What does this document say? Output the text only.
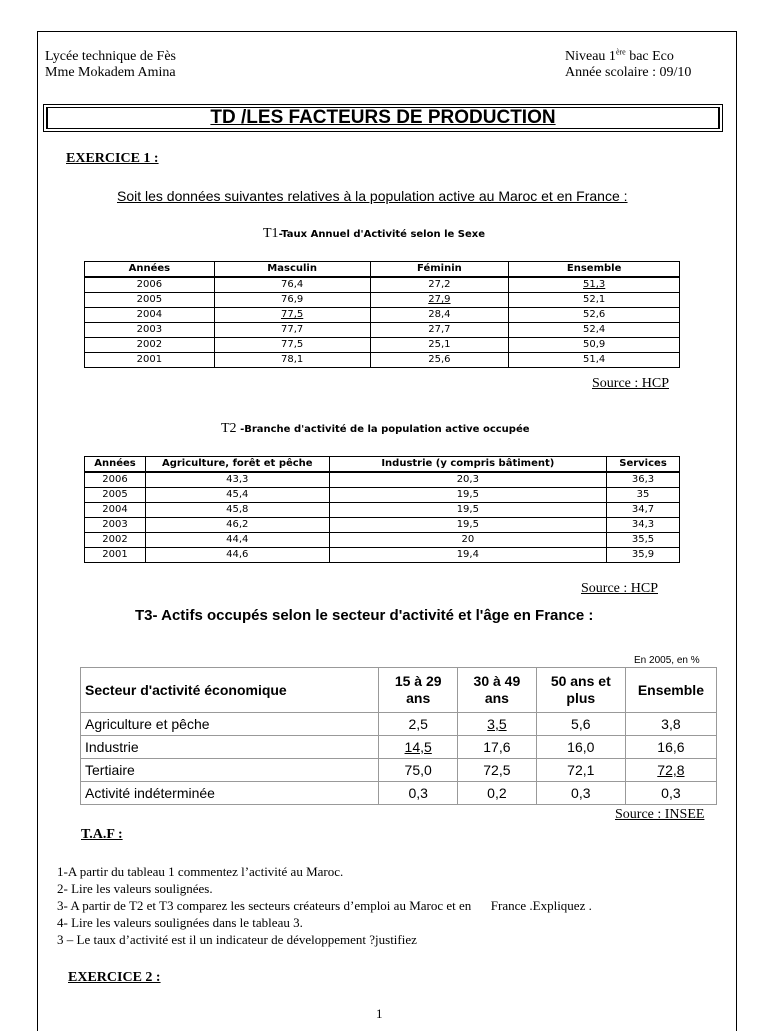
Lycée technique de Fès
Mme Mokadem Amina
Niveau 1ère bac Eco
Année scolaire : 09/10
TD /LES FACTEURS DE PRODUCTION
EXERCICE 1 :
Soit les données suivantes relatives à la population active au Maroc et en France :
T1-Taux Annuel d'Activité selon le Sexe
Années	Masculin	Féminin	Ensemble
2006	76,4	27,2	51,3
2005	76,9	27,9	52,1
2004	77,5	28,4	52,6
2003	77,7	27,7	52,4
2002	77,5	25,1	50,9
2001	78,1	25,6	51,4
Source : HCP
T2 -Branche d'activité de la population active occupée
Années	Agriculture, forêt et pêche	Industrie (y compris bâtiment)	Services
2006	43,3	20,3	36,3
2005	45,4	19,5	35
2004	45,8	19,5	34,7
2003	46,2	19,5	34,3
2002	44,4	20	35,5
2001	44,6	19,4	35,9
Source : HCP
T3- Actifs occupés selon le secteur d'activité et l'âge en France :
En 2005, en %
Secteur d'activité économique	15 à 29 ans	30 à 49 ans	50 ans et plus	Ensemble
Agriculture et pêche	2,5	3,5	5,6	3,8
Industrie	14,5	17,6	16,0	16,6
Tertiaire	75,0	72,5	72,1	72,8
Activité indéterminée	0,3	0,2	0,3	0,3
Source : INSEE
T.A.F :
1-A partir du tableau 1 commentez l’activité au Maroc.
2- Lire les valeurs soulignées.
3- A partir de T2 et T3 comparez les secteurs créateurs d’emploi au Maroc et en      France .Expliquez .
4- Lire les valeurs soulignées dans le tableau 3.
3 – Le taux d’activité est il un indicateur de développement ?justifiez
EXERCICE 2 :
1
